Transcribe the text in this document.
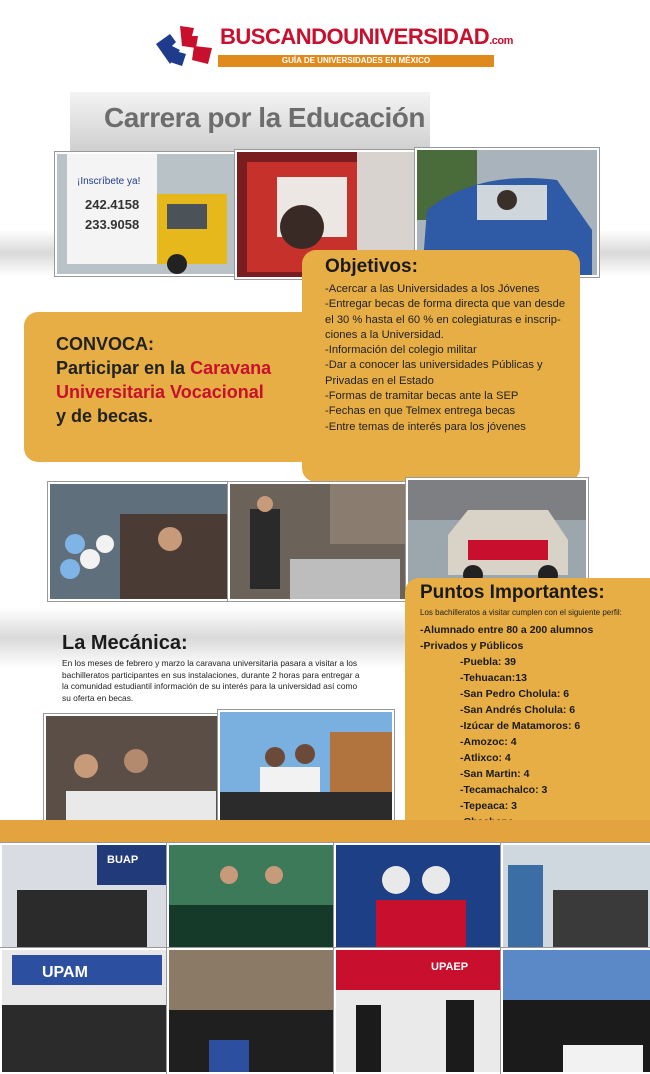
BUSCANDOUNIVERSIDAD.com
GUÍA DE UNIVERSIDADES EN MÉXICO
Carrera por la Educación
¡Inscríbete ya!
242.4158
233.9058
CONVOCA:
Participar en la Caravana
Universitaria Vocacional
y de becas.
Objetivos:
-Acercar a las Universidades a los Jóvenes
-Entregar becas de forma directa que van desde
el 30 % hasta el 60 % en colegiaturas e inscrip-
ciones a la Universidad.
-Información del colegio militar
-Dar a conocer las universidades Públicas y
Privadas en el Estado
-Formas de tramitar becas ante la SEP
-Fechas en que Telmex entrega becas
-Entre temas de interés para los jóvenes
La Mecánica:
En los meses de febrero y marzo la caravana universitaria pasara a visitar a los bachilleratos participantes en sus instalaciones, durante 2 horas para entregar a la comunidad estudiantil información de su interés para la universidad así como su oferta en becas.
Puntos Importantes:
Los bachilleratos a visitar cumplen con el siguiente perfil:
-Alumnado entre 80 a 200 alumnos
-Privados y Públicos
-Puebla: 39
-Tehuacan:13
-San Pedro Cholula: 6
-San Andrés Cholula: 6
-Izúcar de Matamoros: 6
-Amozoc: 4
-Atlixco: 4
-San Martin: 4
-Tecamachalco: 3
-Tepeaca: 3
BUAP
UPAM	UPAEP
